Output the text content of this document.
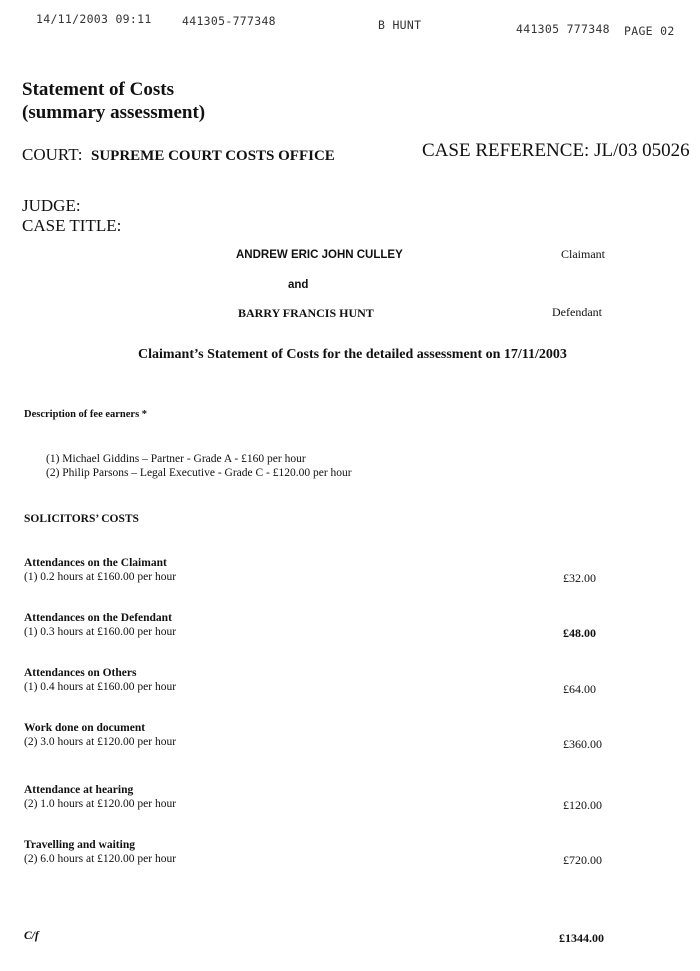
14/11/2003 09:11	441305-777348	B HUNT	441305 777348 PAGE 02
Statement of Costs
(summary assessment)
COURT: SUPREME COURT COSTS OFFICE	CASE REFERENCE: JL/03 05026
JUDGE:
CASE TITLE:
ANDREW ERIC JOHN CULLEY	Claimant
and
BARRY FRANCIS HUNT	Defendant
Claimant’s Statement of Costs for the detailed assessment on 17/11/2003
Description of fee earners *
(1) Michael Giddins – Partner - Grade A - £160 per hour
(2) Philip Parsons – Legal Executive - Grade C - £120.00 per hour
SOLICITORS’ COSTS
Attendances on the Claimant
(1) 0.2 hours at £160.00 per hour	£32.00
Attendances on the Defendant
(1) 0.3 hours at £160.00 per hour	£48.00
Attendances on Others
(1) 0.4 hours at £160.00 per hour	£64.00
Work done on document
(2) 3.0 hours at £120.00 per hour	£360.00
Attendance at hearing
(2) 1.0 hours at £120.00 per hour	£120.00
Travelling and waiting
(2) 6.0 hours at £120.00 per hour	£720.00
C/f	£1344.00
